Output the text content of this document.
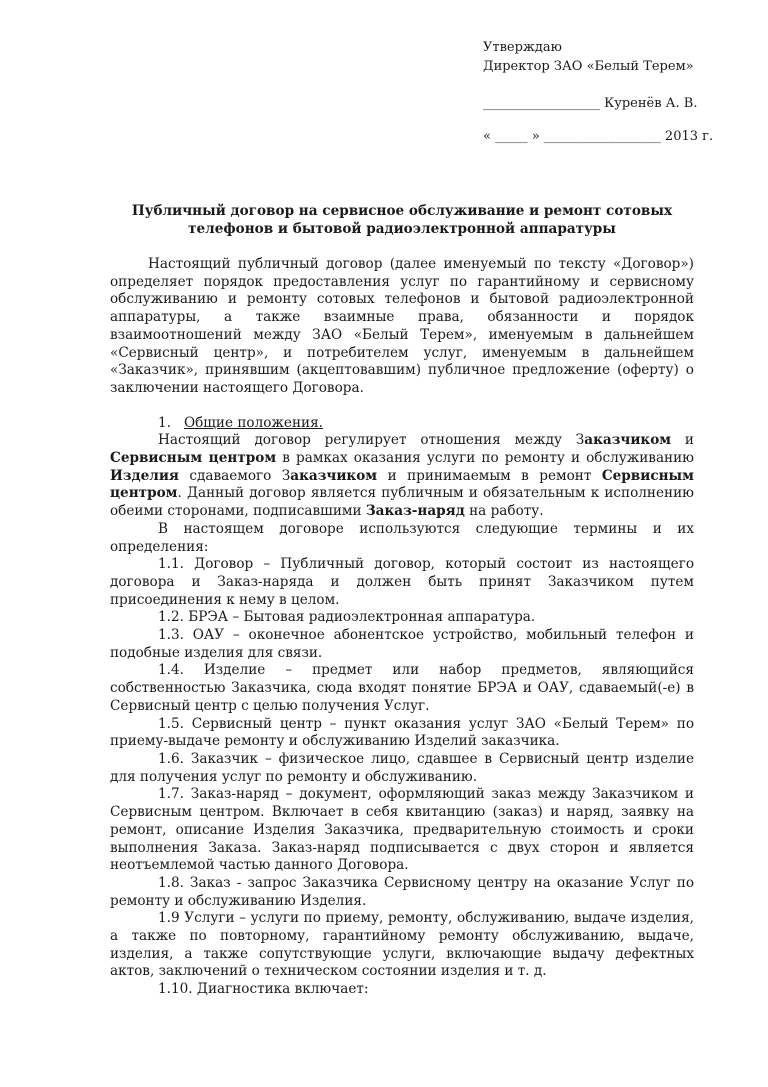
Утверждаю
Директор ЗАО «Белый Терем»
__________________ Куренёв А. В.
« _____ » __________________ 2013 г.
Публичный договор на сервисное обслуживание и ремонт сотовых
телефонов и бытовой радиоэлектронной аппаратуры

Настоящий публичный договор (далее именуемый по тексту «Договор») определяет порядок предоставления услуг по гарантийному и сервисному обслуживанию и ремонту сотовых телефонов и бытовой радиоэлектронной аппаратуры, а также взаимные права, обязанности и порядок взаимоотношений между ЗАО «Белый Терем», именуемым в дальнейшем «Сервисный центр», и потребителем услуг, именуемым в дальнейшем «Заказчик», принявшим (акцептовавшим) публичное предложение (оферту) о заключении настоящего Договора.

1. Общие положения.

Настоящий договор регулирует отношения между Заказчиком и Сервисным центром в рамках оказания услуги по ремонту и обслуживанию Изделия сдаваемого Заказчиком и принимаемым в ремонт Сервисным центром. Данный договор является публичным и обязательным к исполнению обеими сторонами, подписавшими Заказ-наряд на работу.

В настоящем договоре используются следующие термины и их определения:

1.1. Договор – Публичный договор, который состоит из настоящего договора и Заказ-наряда и должен быть принят Заказчиком путем присоединения к нему в целом.

1.2. БРЭА – Бытовая радиоэлектронная аппаратура.

1.3. ОАУ – оконечное абонентское устройство, мобильный телефон и подобные изделия для связи.

1.4. Изделие – предмет или набор предметов, являющийся собственностью Заказчика, сюда входят понятие БРЭА и ОАУ, сдаваемый(-е) в Сервисный центр с целью получения Услуг.

1.5. Сервисный центр – пункт оказания услуг ЗАО «Белый Терем» по приему-выдаче ремонту и обслуживанию Изделий заказчика.

1.6. Заказчик – физическое лицо, сдавшее в Сервисный центр изделие для получения услуг по ремонту и обслуживанию.

1.7. Заказ-наряд – документ, оформляющий заказ между Заказчиком и Сервисным центром. Включает в себя квитанцию (заказ) и наряд, заявку на ремонт, описание Изделия Заказчика, предварительную стоимость и сроки выполнения Заказа. Заказ-наряд подписывается с двух сторон и является неотъемлемой частью данного Договора.

1.8. Заказ - запрос Заказчика Сервисному центру на оказание Услуг по ремонту и обслуживанию Изделия.

1.9 Услуги – услуги по приему, ремонту, обслуживанию, выдаче изделия, а также по повторному, гарантийному ремонту обслуживанию, выдаче, изделия, а также сопутствующие услуги, включающие выдачу дефектных актов, заключений о техническом состоянии изделия и т. д.

1.10. Диагностика включает:
